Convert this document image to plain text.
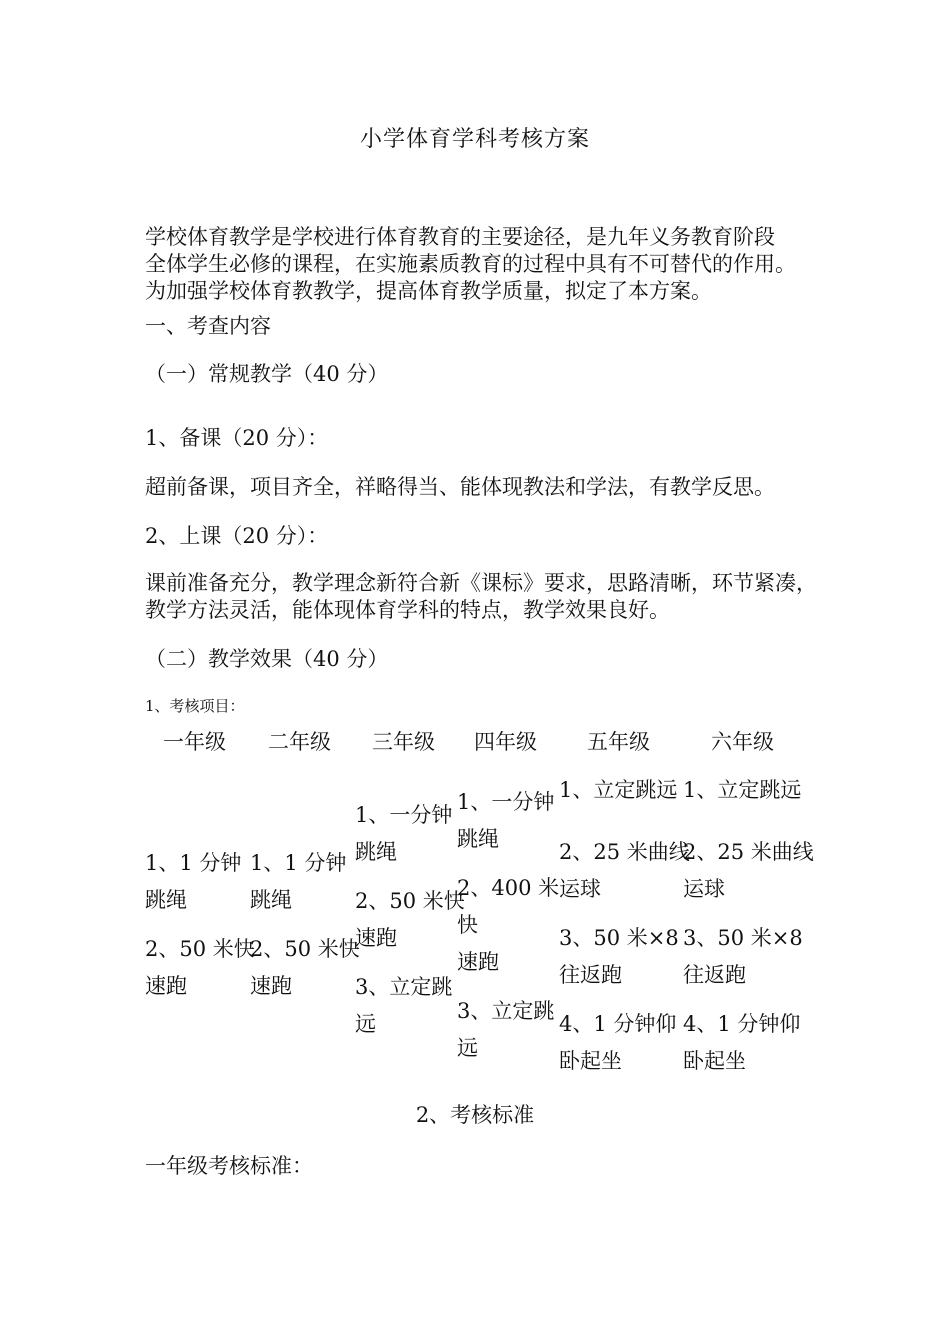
小学体育学科考核方案
学校体育教学是学校进行体育教育的主要途径，是九年义务教育阶段
全体学生必修的课程，在实施素质教育的过程中具有不可替代的作用。
为加强学校体育教教学，提高体育教学质量，拟定了本方案。
一、考查内容
（一）常规教学（40 分）
1、备课（20 分）：
超前备课，项目齐全，祥略得当、能体现教法和学法，有教学反思。
2、上课（20 分）：
课前准备充分，教学理念新符合新《课标》要求，思路清晰，环节紧凑，
教学方法灵活，能体现体育学科的特点，教学效果良好。
（二）教学效果（40 分）
1、考核项目：
一年级 二年级 三年级 四年级 五年级	六年级
1、1 分钟
跳绳
2、50 米快
速跑
1、1 分钟
跳绳
2、50 米快
速跑
1、一分钟
跳绳
2、50 米快
速跑
3、立定跳
远
1、一分钟
跳绳
2、400 米
快
速跑
3、立定跳
远
1、立定跳远
2、25 米曲线
运球
3、50 米×8
往返跑
4、1 分钟仰
卧起坐
1、立定跳远
2、25 米曲线
运球
3、50 米×8
往返跑
4、1 分钟仰
卧起坐
2、考核标准
一年级考核标准：
